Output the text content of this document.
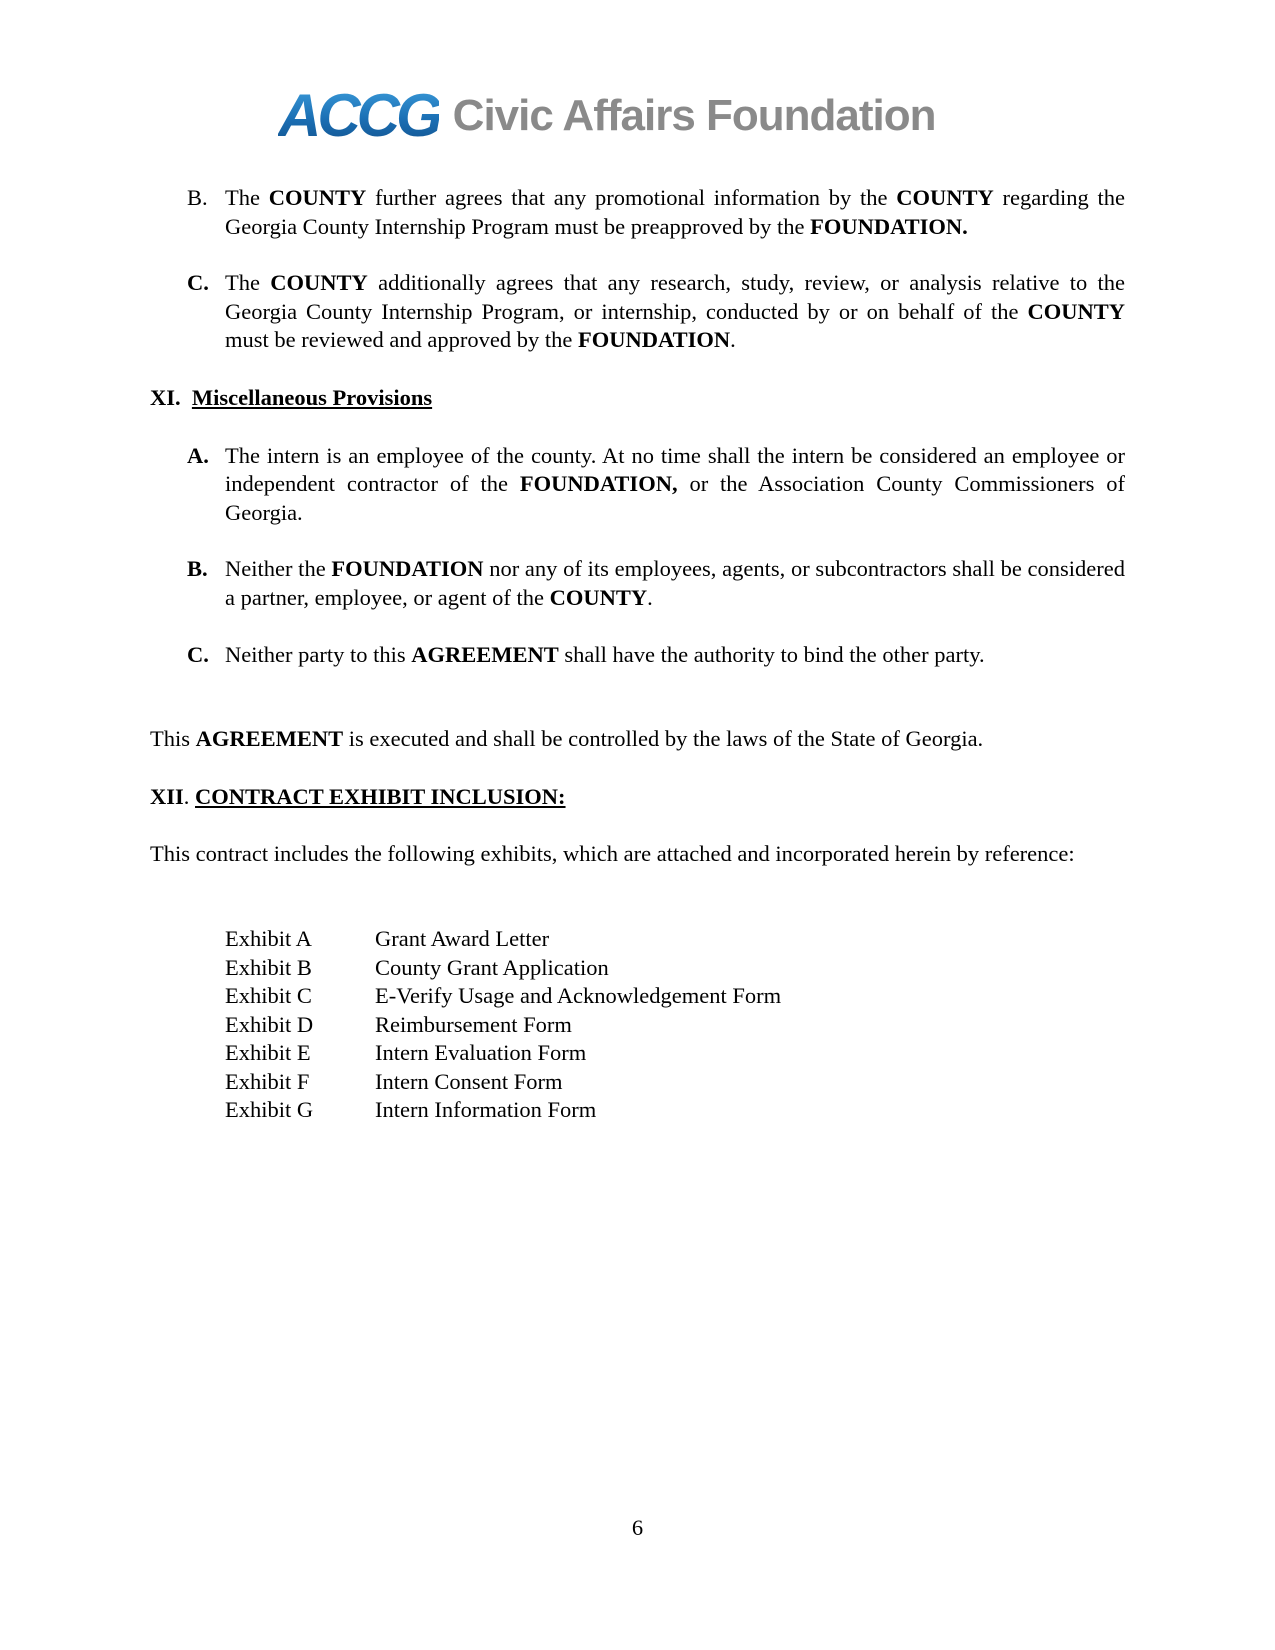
ACCG Civic Affairs Foundation
B. The COUNTY further agrees that any promotional information by the COUNTY regarding the Georgia County Internship Program must be preapproved by the FOUNDATION.
C. The COUNTY additionally agrees that any research, study, review, or analysis relative to the Georgia County Internship Program, or internship, conducted by or on behalf of the COUNTY must be reviewed and approved by the FOUNDATION.
XI. Miscellaneous Provisions
A. The intern is an employee of the county. At no time shall the intern be considered an employee or independent contractor of the FOUNDATION, or the Association County Commissioners of Georgia.
B. Neither the FOUNDATION nor any of its employees, agents, or subcontractors shall be considered a partner, employee, or agent of the COUNTY.
C. Neither party to this AGREEMENT shall have the authority to bind the other party.

This AGREEMENT is executed and shall be controlled by the laws of the State of Georgia.

XII. CONTRACT EXHIBIT INCLUSION:

This contract includes the following exhibits, which are attached and incorporated herein by reference:

Exhibit A	Grant Award Letter
Exhibit B	County Grant Application
Exhibit C	E-Verify Usage and Acknowledgement Form
Exhibit D	Reimbursement Form
Exhibit E	Intern Evaluation Form
Exhibit F	Intern Consent Form
Exhibit G	Intern Information Form
6
